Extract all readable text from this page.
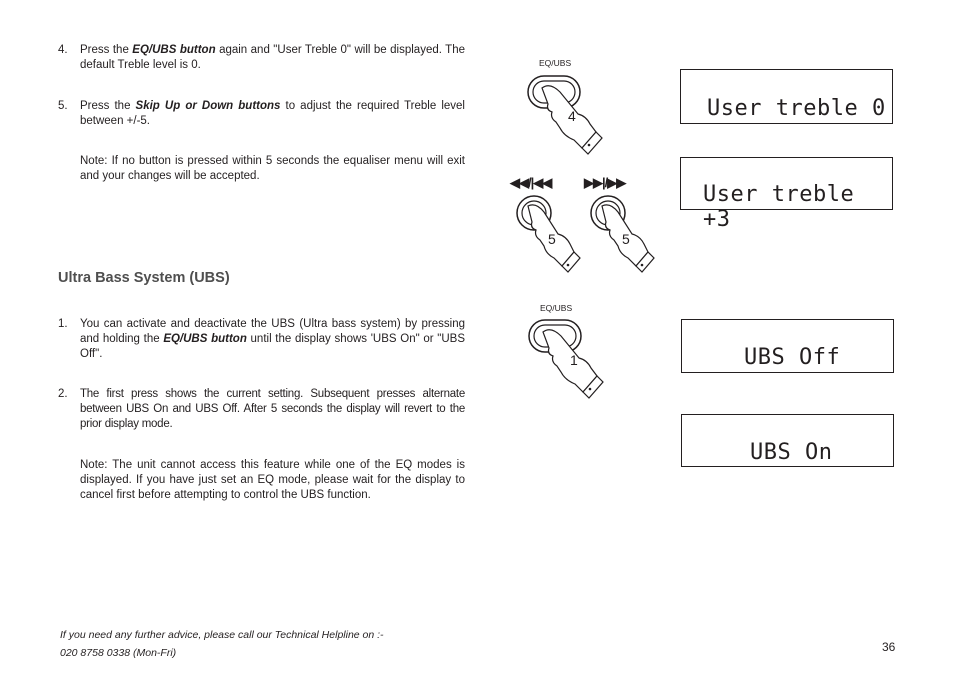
4. Press the EQ/UBS button again and "User Treble 0" will be displayed. The default Treble level is 0.
5. Press the Skip Up or Down buttons to adjust the required Treble level between +/-5.
Note: If no button is pressed within 5 seconds the equaliser menu will exit and your changes will be accepted.
Ultra Bass System (UBS)
1. You can activate and deactivate the UBS (Ultra bass system) by pressing and holding the EQ/UBS button until the display shows 'UBS On" or "UBS Off".
2. The first press shows the current setting. Subsequent presses alternate between UBS On and UBS Off. After 5 seconds the display will revert to the prior display mode.
Note: The unit cannot access this feature while one of the EQ modes is displayed. If you have just set an EQ mode, please wait for the display to cancel first before attempting to control the UBS function.
EQ/UBS
4
◀◀/|◀◀	▶▶|/▶▶
5	5
EQ/UBS
1
User treble 0
User treble +3
UBS Off
UBS On
If you need any further advice, please call our Technical Helpline on :-
020 8758 0338 (Mon-Fri)	36
